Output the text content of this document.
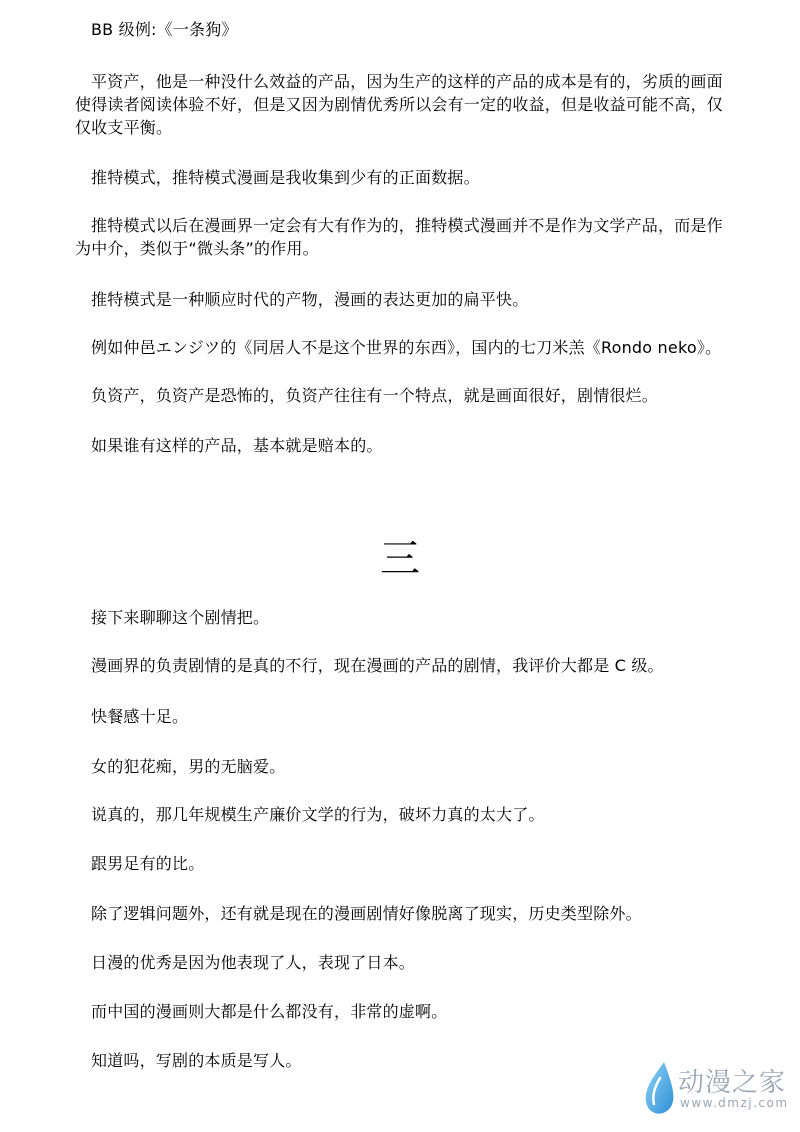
BB 级例:《一条狗》

平资产，他是一种没什么效益的产品，因为生产的这样的产品的成本是有的，劣质的画面使得读者阅读体验不好，但是又因为剧情优秀所以会有一定的收益，但是收益可能不高，仅仅收支平衡。

推特模式，推特模式漫画是我收集到少有的正面数据。

推特模式以后在漫画界一定会有大有作为的，推特模式漫画并不是作为文学产品，而是作为中介，类似于“微头条”的作用。

推特模式是一种顺应时代的产物，漫画的表达更加的扁平快。

例如仲邑エンジツ的《同居人不是这个世界的东西》，国内的七刀米羔《Rondo neko》。

负资产，负资产是恐怖的，负资产往往有一个特点，就是画面很好，剧情很烂。

如果谁有这样的产品，基本就是赔本的。

三

接下来聊聊这个剧情把。

漫画界的负责剧情的是真的不行，现在漫画的产品的剧情，我评价大都是 C 级。

快餐感十足。

女的犯花痴，男的无脑爱。

说真的，那几年规模生产廉价文学的行为，破坏力真的太大了。

跟男足有的比。

除了逻辑问题外，还有就是现在的漫画剧情好像脱离了现实，历史类型除外。

日漫的优秀是因为他表现了人，表现了日本。

而中国的漫画则大都是什么都没有，非常的虚啊。

知道吗，写剧的本质是写人。

动漫之家
www.dmzj.com
